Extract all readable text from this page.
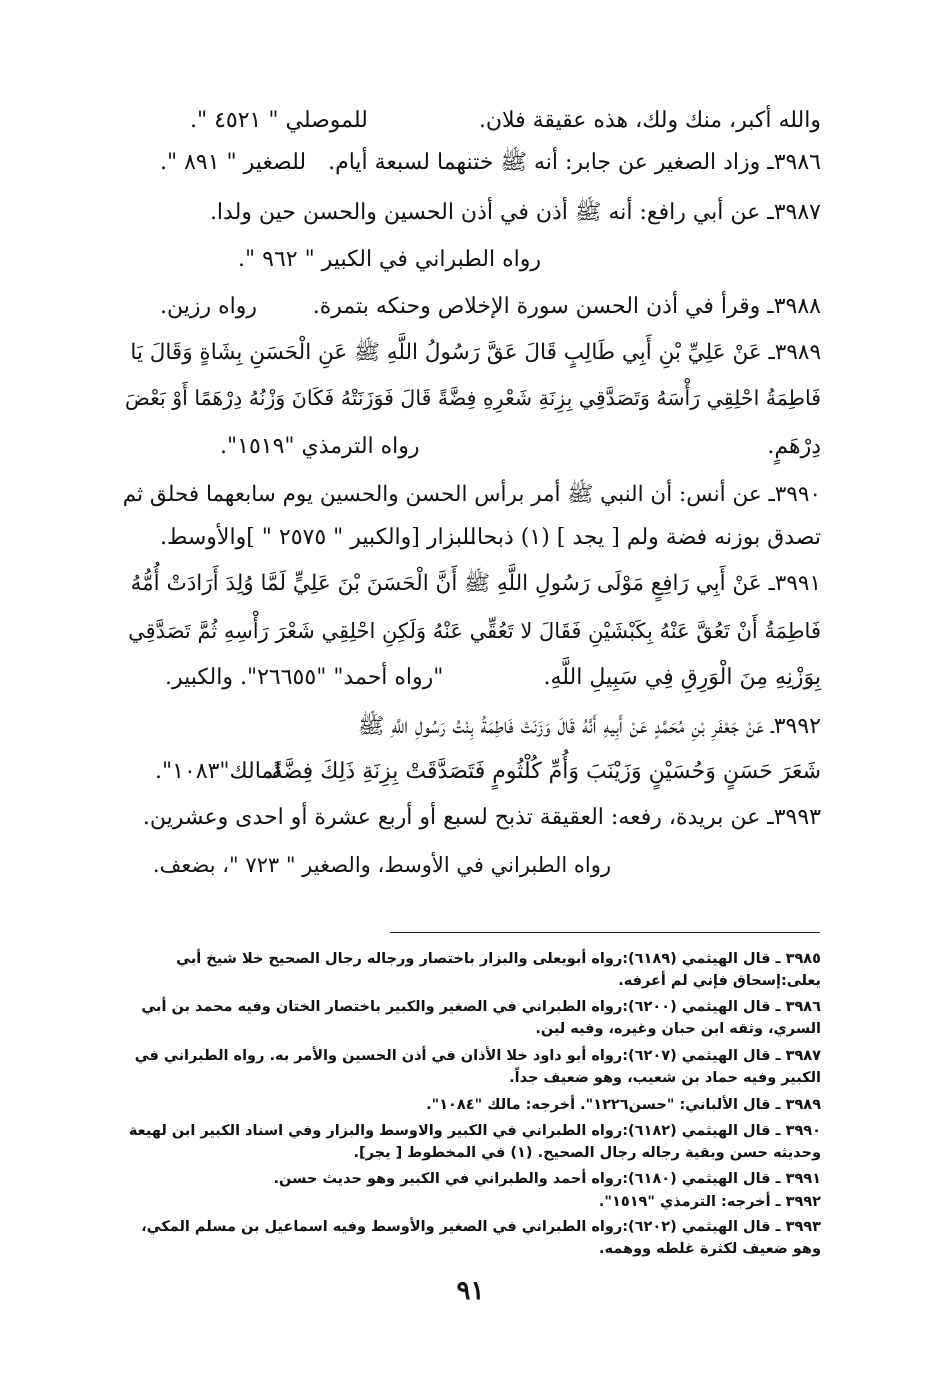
والله أكبر، منك ولك، هذه عقيقة فلان.
للموصلي " ٤٥٢١ ".
٣٩٨٦ـ وزاد الصغير عن جابر: أنه ﷺ ختنهما لسبعة أيام.
للصغير " ٨٩١ ".
٣٩٨٧ـ عن أبي رافع: أنه ﷺ أذن في أذن الحسين والحسن حين ولدا.
رواه الطبراني في الكبير " ٩٦٢ ".
٣٩٨٨ـ وقرأ في أذن الحسن سورة الإخلاص وحنكه بتمرة.
رواه رزين.
٣٩٨٩ـ عَنْ عَلِيِّ بْنِ أَبِي طَالِبٍ قَالَ عَقَّ رَسُولُ اللَّهِ ﷺ عَنِ الْحَسَنِ بِشَاةٍ وَقَالَ يَا
فَاطِمَةُ احْلِقِي رَأْسَهُ وَتَصَدَّقِي بِزِنَةِ شَعْرِهِ فِضَّةً قَالَ فَوَزَنَتْهُ فَكَانَ وَزْنُهُ دِرْهَمًا أَوْ بَعْضَ
دِرْهَمٍ.
رواه الترمذي "١٥١٩".
٣٩٩٠ـ عن أنس: أن النبي ﷺ أمر برأس الحسن والحسين يوم سابعهما فحلق ثم
تصدق بوزنه فضة ولم [ يجد ] (١) ذبحا.
للبزار [والكبير " ٢٥٧٥ " ]والأوسط.
٣٩٩١ـ عَنْ أَبِي رَافِعٍ مَوْلَى رَسُولِ اللَّهِ ﷺ أَنَّ الْحَسَنَ بْنَ عَلِيٍّ لَمَّا وُلِدَ أَرَادَتْ أُمُّهُ
فَاطِمَةُ أَنْ تَعُقَّ عَنْهُ بِكَبْشَيْنِ فَقَالَ لا تَعُقِّي عَنْهُ وَلَكِنِ احْلِقِي شَعْرَ رَأْسِهِ ثُمَّ تَصَدَّقِي
بِوَزْنِهِ مِنَ الْوَرِقِ فِي سَبِيلِ اللَّهِ.
"رواه أحمد" "٢٦٦٥٥". والكبير.
٣٩٩٢ـ عَنْ جَعْفَرِ بْنِ مُحَمَّدٍ عَنْ أَبِيهِ أَنَّهُ قَالَ وَزَنَتْ فَاطِمَةُ بِنْتُ رَسُولِ اللَّهِ ﷺ
شَعَرَ حَسَنٍ وَحُسَيْنٍ وَزَيْنَبَ وَأُمِّ كُلْثُومٍ فَتَصَدَّقَتْ بِزِنَةِ ذَلِكَ فِضَّةً.
لمالك"١٠٨٣".
٣٩٩٣ـ عن بريدة، رفعه: العقيقة تذبح لسبع أو أربع عشرة أو احدى وعشرين.
رواه الطبراني في الأوسط، والصغير " ٧٢٣ "، بضعف.
٣٩٨٥ ـ قال الهيثمي (٦١٨٩):رواه أبويعلى والبزار باختصار ورجاله رجال الصحيح خلا شيخ أبي
يعلى:إسحاق فإني لم أعرفه.
٣٩٨٦ ـ قال الهيثمي (٦٢٠٠):رواه الطبراني في الصغير والكبير باختصار الختان وفيه محمد بن أبي
السري، وثقه ابن حبان وغيره، وفيه لين.
٣٩٨٧ ـ قال الهيثمي (٦٢٠٧):رواه أبو داود خلا الأذان في أذن الحسين والأمر به. رواه الطبراني في
الكبير وفيه حماد بن شعيب، وهو ضعيف جداً.
٣٩٨٩ ـ قال الألباني: "حسن١٢٢٦". أخرجه: مالك "١٠٨٤".
٣٩٩٠ ـ قال الهيثمي (٦١٨٢):رواه الطبراني في الكبير والاوسط والبزار وفي اسناد الكبير ابن لهيعة
وحديثه حسن وبقية رجاله رجال الصحيح. (١) في المخطوط [ يجر].
٣٩٩١ ـ قال الهيثمي (٦١٨٠):رواه أحمد والطبراني في الكبير وهو حديث حسن.
٣٩٩٢ ـ أخرجه: الترمذي "١٥١٩".
٣٩٩٣ ـ قال الهيثمي (٦٢٠٢):رواه الطبراني في الصغير والأوسط وفيه اسماعيل بن مسلم المكي،
وهو ضعيف لكثرة غلطه ووهمه.
٩١
